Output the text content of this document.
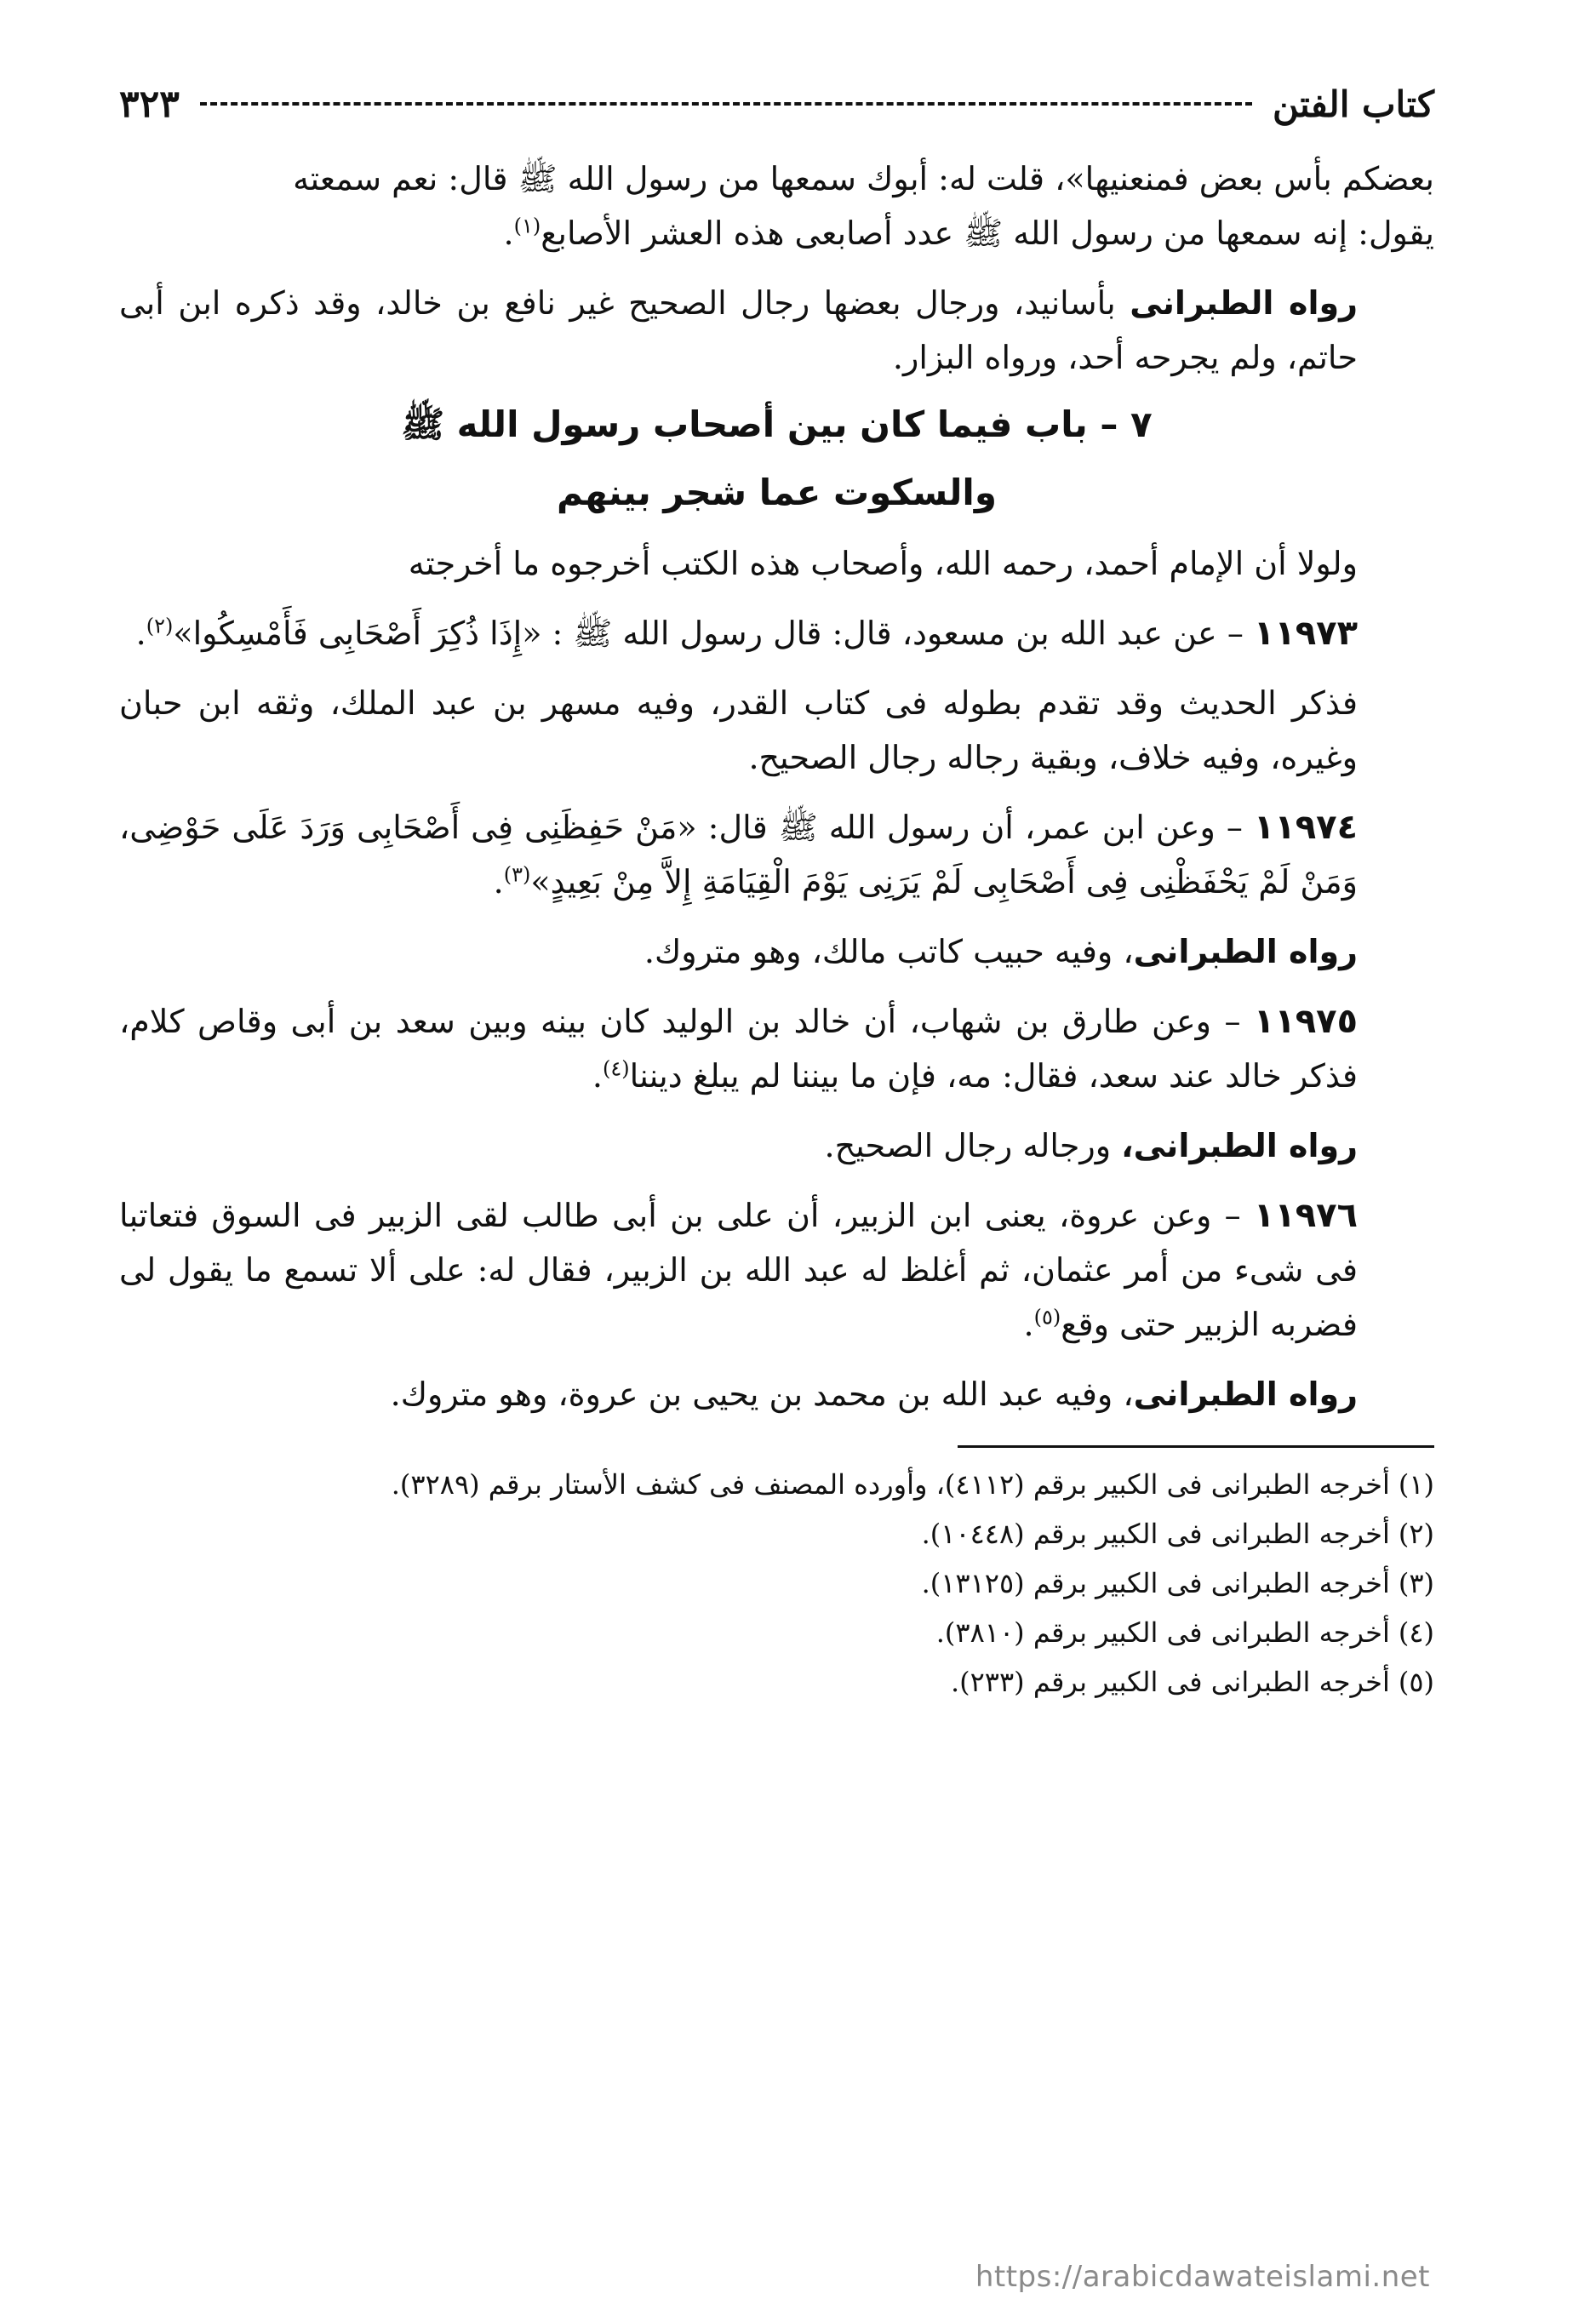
كتاب الفتن
٣٢٣

بعضكم بأس بعض فمنعنيها»، قلت له: أبوك سمعها من رسول الله ﷺ قال: نعم سمعته

يقول: إنه سمعها من رسول الله ﷺ عدد أصابعى هذه العشر الأصابع$^{(١)}$.

رواه الطبرانى بأسانيد، ورجال بعضها رجال الصحيح غير نافع بن خالد، وقد ذكره ابن أبى حاتم، ولم يجرحه أحد، ورواه البزار.

٧ – باب فيما كان بين أصحاب رسول الله ﷺ
والسكوت عما شجر بينهم

ولولا أن الإمام أحمد، رحمه الله، وأصحاب هذه الكتب أخرجوه ما أخرجته

١١٩٧٣ – عن عبد الله بن مسعود، قال: قال رسول الله ﷺ : «إِذَا ذُكِرَ أَصْحَابِى فَأَمْسِكُوا»$^{(٢)}$.

فذكر الحديث وقد تقدم بطوله فى كتاب القدر، وفيه مسهر بن عبد الملك، وثقه ابن حبان وغيره، وفيه خلاف، وبقية رجاله رجال الصحيح.

١١٩٧٤ – وعن ابن عمر، أن رسول الله ﷺ قال: «مَنْ حَفِظَنِى فِى أَصْحَابِى وَرَدَ عَلَى حَوْضِى، وَمَنْ لَمْ يَحْفَظْنِى فِى أَصْحَابِى لَمْ يَرَنِى يَوْمَ الْقِيَامَةِ إِلاَّ مِنْ بَعِيدٍ»$^{(٣)}$.

رواه الطبرانى، وفيه حبيب كاتب مالك، وهو متروك.

١١٩٧٥ – وعن طارق بن شهاب، أن خالد بن الوليد كان بينه وبين سعد بن أبى وقاص كلام، فذكر خالد عند سعد، فقال: مه، فإن ما بيننا لم يبلغ ديننا$^{(٤)}$.

رواه الطبرانى، ورجاله رجال الصحيح.

١١٩٧٦ – وعن عروة، يعنى ابن الزبير، أن على بن أبى طالب لقى الزبير فى السوق فتعاتبا فى شىء من أمر عثمان، ثم أغلظ له عبد الله بن الزبير، فقال له: على ألا تسمع ما يقول لى فضربه الزبير حتى وقع$^{(٥)}$.

رواه الطبرانى، وفيه عبد الله بن محمد بن يحيى بن عروة، وهو متروك.

(١)أخرجه الطبرانى فى الكبير برقم (٤١١٢)، وأورده المصنف فى كشف الأستار برقم (٣٢٨٩).
(٢)أخرجه الطبرانى فى الكبير برقم (١٠٤٤٨).
(٣)أخرجه الطبرانى فى الكبير برقم (١٣١٢٥).
(٤)أخرجه الطبرانى فى الكبير برقم (٣٨١٠).
(٥)أخرجه الطبرانى فى الكبير برقم (٢٣٣).
https://arabicdawateislami.net
